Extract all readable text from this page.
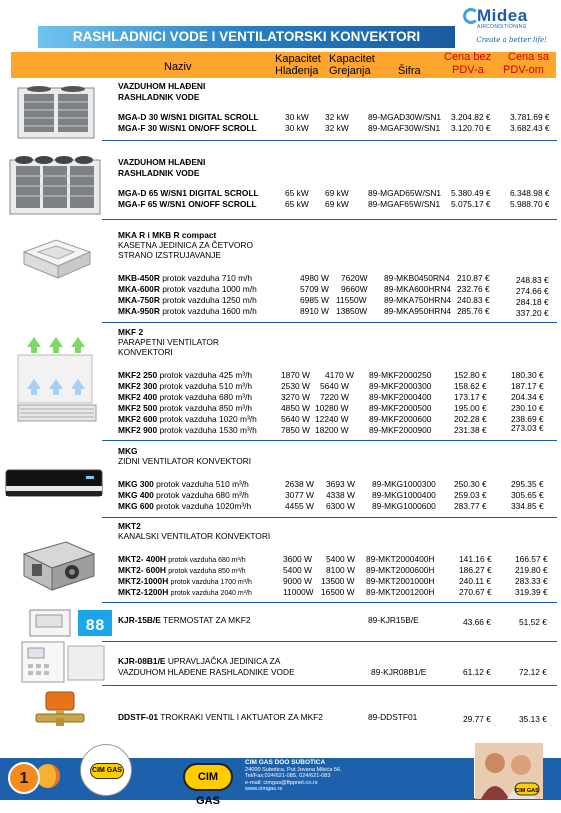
Midea
AIRCONDITIONING
Create a better life!
RASHLADNICI VODE I VENTILATORSKI KONVEKTORI
Naziv
Kapacitet
Hlađenja
Kapacitet
Grejanja Šifra
Cena bez
PDV-a
Cena sa
PDV-om
VAZDUHOM HLAĐENI
RASHLADNIK VODE
MGA-D 30 W/SN1 DIGITAL SCROLL	30 kW 32 kW 89-MGAD30W/SN1 3.204.82 € 3.781.69 €
MGA-F 30 W/SN1 ON/OFF SCROLL	30 kW 32 kW 89-MGAF30W/SN1 3.120.70 € 3.682.43 €
VAZDUHOM HLAĐENI
RASHLADNIK VODE
MGA-D 65 W/SN1 DIGITAL SCROLL	65 kW 69 kW 89-MGAD65W/SN1 5.380.49 € 6.348.98 €
MGA-F 65 W/SN1 ON/OFF SCROLL	65 kW 69 kW 89-MGAF65W/SN1 5.075.17 € 5.988.70 €
MKA R i MKB R compact
KASETNA JEDINICA ZA ČETVORO
STRANO IZSTRUJAVANJE
MKB-450R protok vazduha 710 m/h	4980 W 7620W 89-MKB0450RN4 210.87 €	248.83 €
MKA-600R protok vazduha 1000 m/h	5709 W 9660W 89-MKA600HRN4 232.76 €	274.66 €
MKA-750R protok vazduha 1250 m/h	6985 W 11550W 89-MKA750HRN4 240.83 €	284.18 €
MKA-950R protok vazduha 1600 m/h	8910 W 13850W 89-MKA950HRN4 285.76 €	337.20 €
MKF 2
PARAPETNI VENTILATOR
KONVEKTORI
MKF2 250 protok vazduha 425 m³/h	1870 W 4170 W 89-MKF2000250	152.80 €	180.30 €
MKF2 300 protok vazduha 510 m³/h	2530 W 5640 W 89-MKF2000300	158.62 €	187.17 €
MKF2 400 protok vazduha 680 m³/h	3270 W 7220 W 89-MKF2000400	173.17 €	204.34 €
MKF2 500 protok vazduha 850 m³/h	4850 W 10280 W 89-MKF2000500	195.00 €	230.10 €
MKF2 600 protok vazduha 1020 m³/h	5640 W 12240 W 89-MKF2000600	202.28 €	238.69 €
MKF2 900 protok vazduha 1530 m³/h	7850 W 18200 W 89-MKF2000900	231.38 €	273.03 €
MKG
ZIDNI VENTILATOR KONVEKTORI
MKG 300 protok vazduha 510 m³/h	2638 W 3693 W 89-MKG1000300 250.30 €	295.35 €
MKG 400 protok vazduha 680 m³/h	3077 W 4338 W 89-MKG1000400 259.03 €	305.65 €
MKG 600 protok vazduha 1020m³/h	4455 W 6300 W 89-MKG1000600 283.77 €	334.85 €
MKT2
KANALSKI VENTILATOR KONVEKTORI
MKT2- 400H protok vazduha 680 m³/h	3600 W 5400 W 89-MKT2000400H	141.16 €	166.57 €
MKT2- 600H protok vazduha 850 m³/h	5400 W 8100 W 89-MKT2000600H	186.27 €	219.80 €
MKT2-1000H protok vazduha 1700 m³/h	9000 W 13500 W 89-MKT2001000H	240.11 €	283.33 €
MKT2-1200H protok vazduha 2040 m³/h	11000W 16500 W 89-MKT2001200H	270.67 €	319.39 €
88 KJR-15B/E TERMOSTAT ZA MKF2	89-KJR15B/E	43.66 €	51.52 €
KJR-08B1/E UPRAVLJAČKA JEDINICA ZA
VAZDUHOM HLAĐENE RASHLADNIKE VODE	89-KJR08B1/E	61.12 €	72.12 €
DDSTF-01 TROKRAKI VENTIL I AKTUATOR ZA MKF2	89-DDSTF01	29.77 €	35.13 €
1	CIM GAS
CIM GAS
CIM GAS DOO SUBOTICA
24000 Subotica, Put Jovana Mikića 56.
Tel/Fax:024/621-085, 024/621-083
e-mail: cimgas@ftppnet.co.rs
www.cimgas.rs	CIM GAS
